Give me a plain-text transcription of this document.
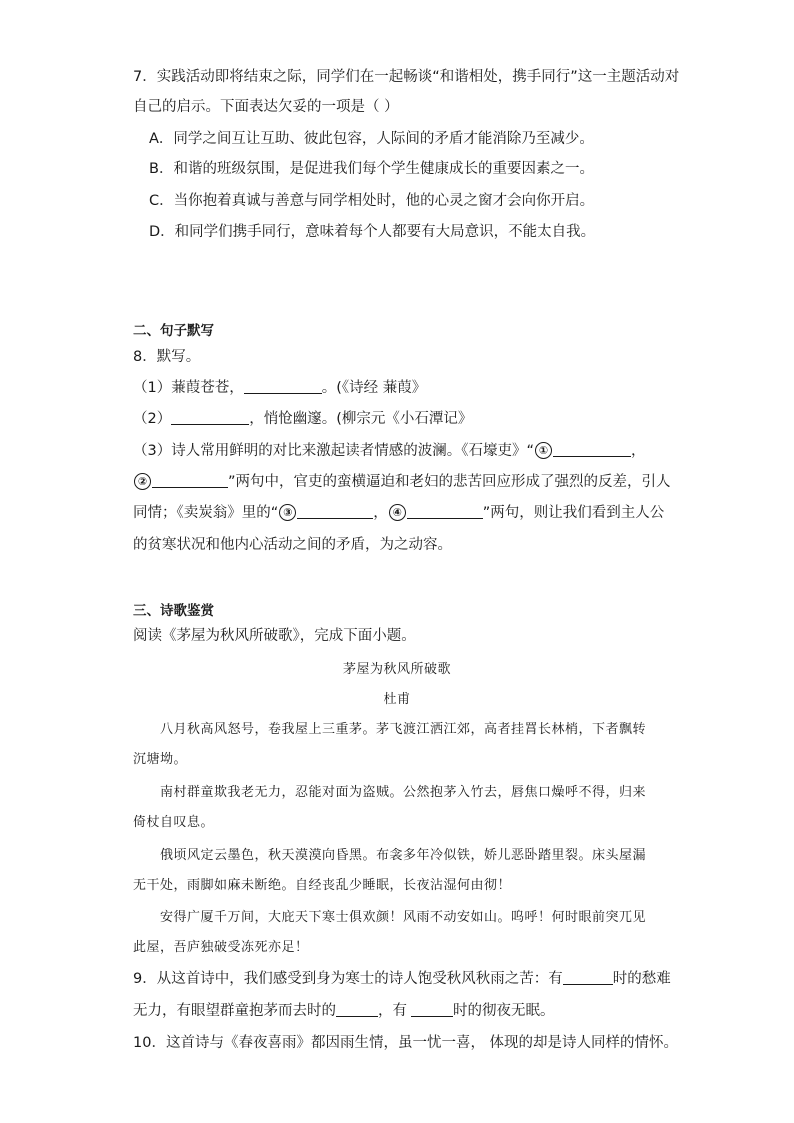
7．实践活动即将结束之际，同学们在一起畅谈“和谐相处，携手同行”这一主题活动对
自己的启示。下面表达欠妥的一项是（ ）
A．同学之间互让互助、彼此包容，人际间的矛盾才能消除乃至减少。
B．和谐的班级氛围，是促进我们每个学生健康成长的重要因素之一。
C．当你抱着真诚与善意与同学相处时，他的心灵之窗才会向你开启。
D．和同学们携手同行，意味着每个人都要有大局意识，不能太自我。
二、句子默写
8．默写。
（1）蒹葭苍苍，	。(《诗经 蒹葭》
（2）	，悄怆幽邃。(柳宗元《小石潭记》
（3）诗人常用鲜明的对比来激起读者情感的波澜。《石壕吏》“ ①	，
②	”两句中，官吏的蛮横逼迫和老妇的悲苦回应形成了强烈的反差，引人
同情；《卖炭翁》里的“ ③	， ④	”两句，则让我们看到主人公
的贫寒状况和他内心活动之间的矛盾，为之动容。
三、诗歌鉴赏
阅读《茅屋为秋风所破歌》，完成下面小题。
茅屋为秋风所破歌
杜甫
八月秋高风怒号，卷我屋上三重茅。茅飞渡江洒江郊，高者挂罥长林梢，下者飘转
沉塘坳。
南村群童欺我老无力，忍能对面为盗贼。公然抱茅入竹去，唇焦口燥呼不得，归来
倚杖自叹息。
俄顷风定云墨色，秋天漠漠向昏黑。布衾多年冷似铁，娇儿恶卧踏里裂。床头屋漏
无干处，雨脚如麻未断绝。自经丧乱少睡眠，长夜沾湿何由彻！
安得广厦千万间，大庇天下寒士俱欢颜！风雨不动安如山。呜呼！何时眼前突兀见
此屋，吾庐独破受冻死亦足！
9．从这首诗中，我们感受到身为寒士的诗人饱受秋风秋雨之苦：有	时的愁难
无力，有眼望群童抱茅而去时的	，有	时的彻夜无眠。
10．这首诗与《春夜喜雨》都因雨生情，虽一忧一喜， 体现的却是诗人同样的情怀。
